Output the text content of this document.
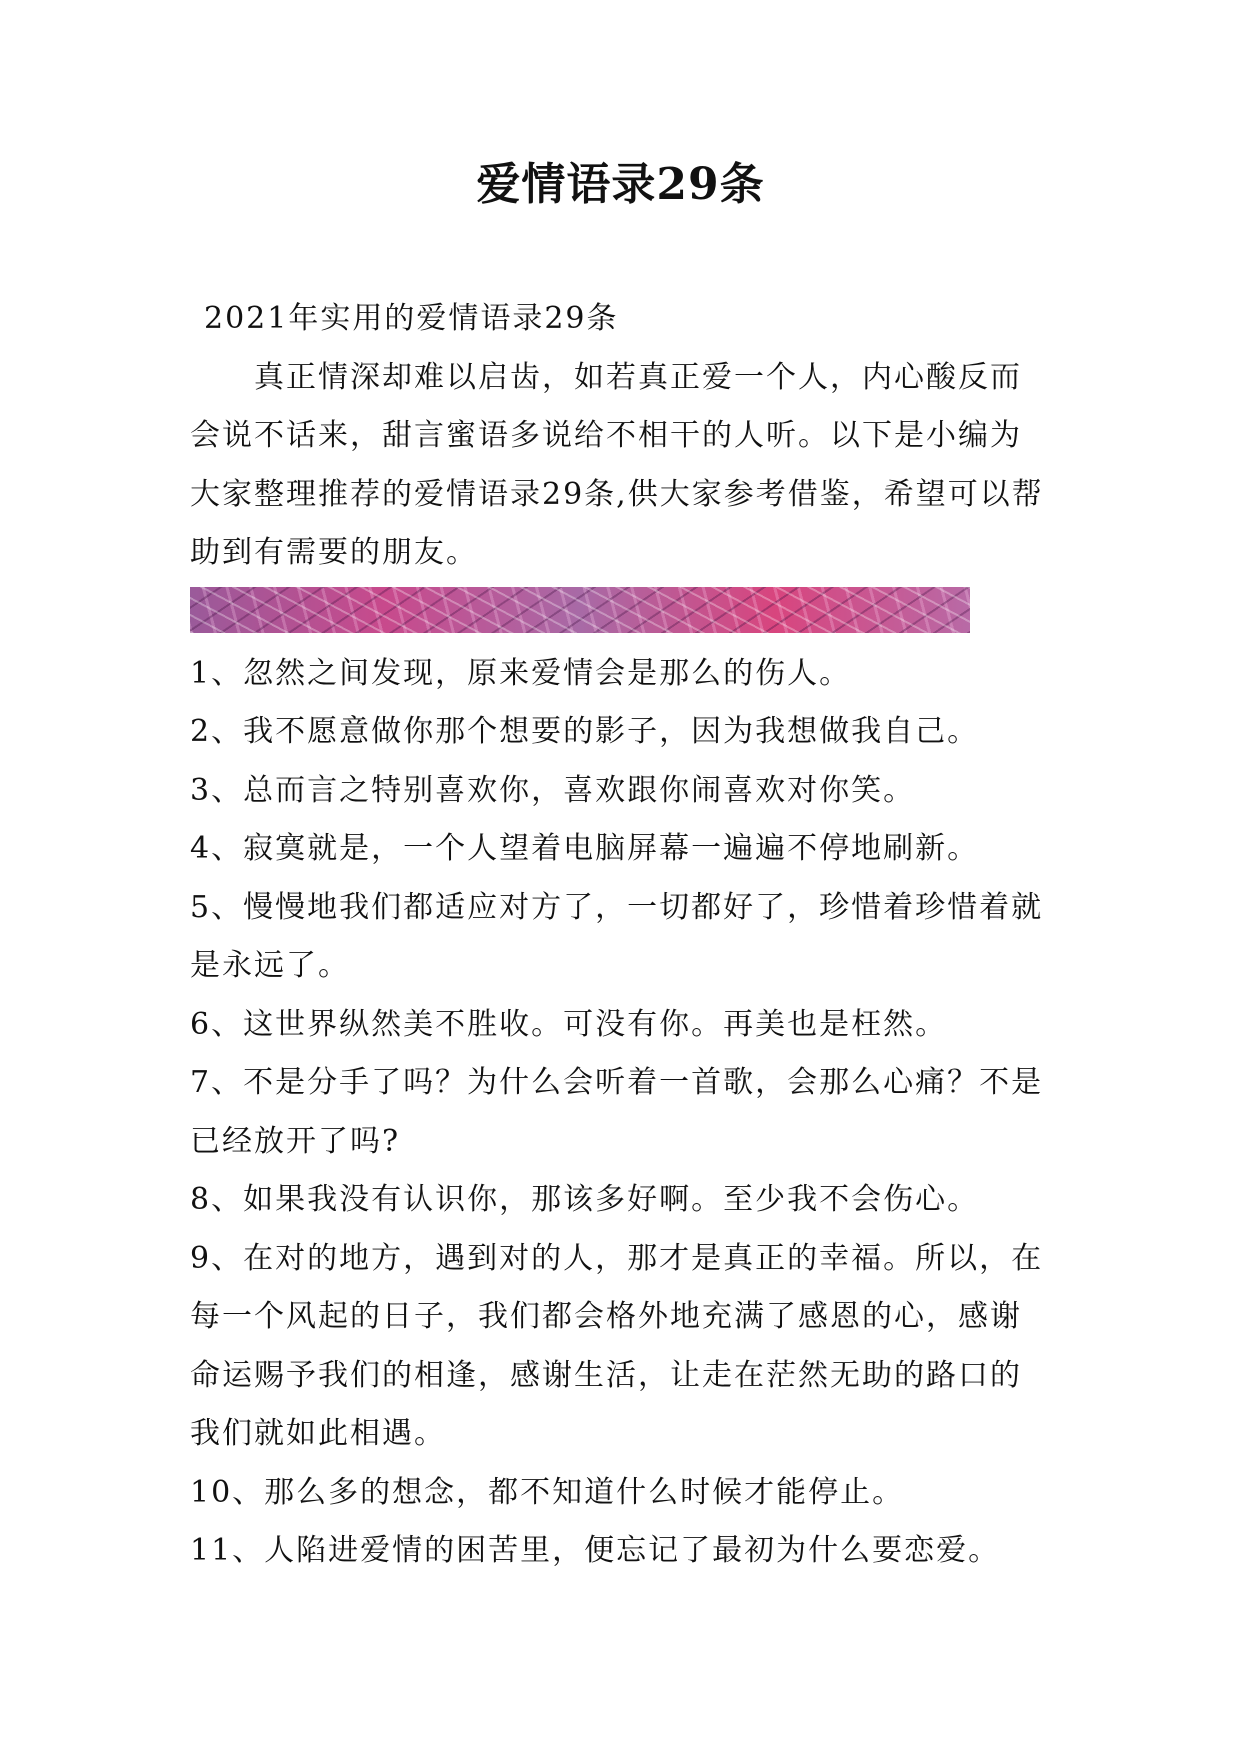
爱情语录29条

2021年实用的爱情语录29条

真正情深却难以启齿，如若真正爱一个人，内心酸反而会说不话来，甜言蜜语多说给不相干的人听。以下是小编为大家整理推荐的爱情语录29条,供大家参考借鉴，希望可以帮助到有需要的朋友。

1、忽然之间发现，原来爱情会是那么的伤人。

2、我不愿意做你那个想要的影子，因为我想做我自己。

3、总而言之特别喜欢你，喜欢跟你闹喜欢对你笑。

4、寂寞就是，一个人望着电脑屏幕一遍遍不停地刷新。

5、慢慢地我们都适应对方了，一切都好了，珍惜着珍惜着就是永远了。

6、这世界纵然美不胜收。可没有你。再美也是枉然。

7、不是分手了吗？为什么会听着一首歌，会那么心痛？不是已经放开了吗?

8、如果我没有认识你，那该多好啊。至少我不会伤心。

9、在对的地方，遇到对的人，那才是真正的幸福。所以，在每一个风起的日子，我们都会格外地充满了感恩的心，感谢命运赐予我们的相逢，感谢生活，让走在茫然无助的路口的我们就如此相遇。

10、那么多的想念，都不知道什么时候才能停止。

11、人陷进爱情的困苦里，便忘记了最初为什么要恋爱。
